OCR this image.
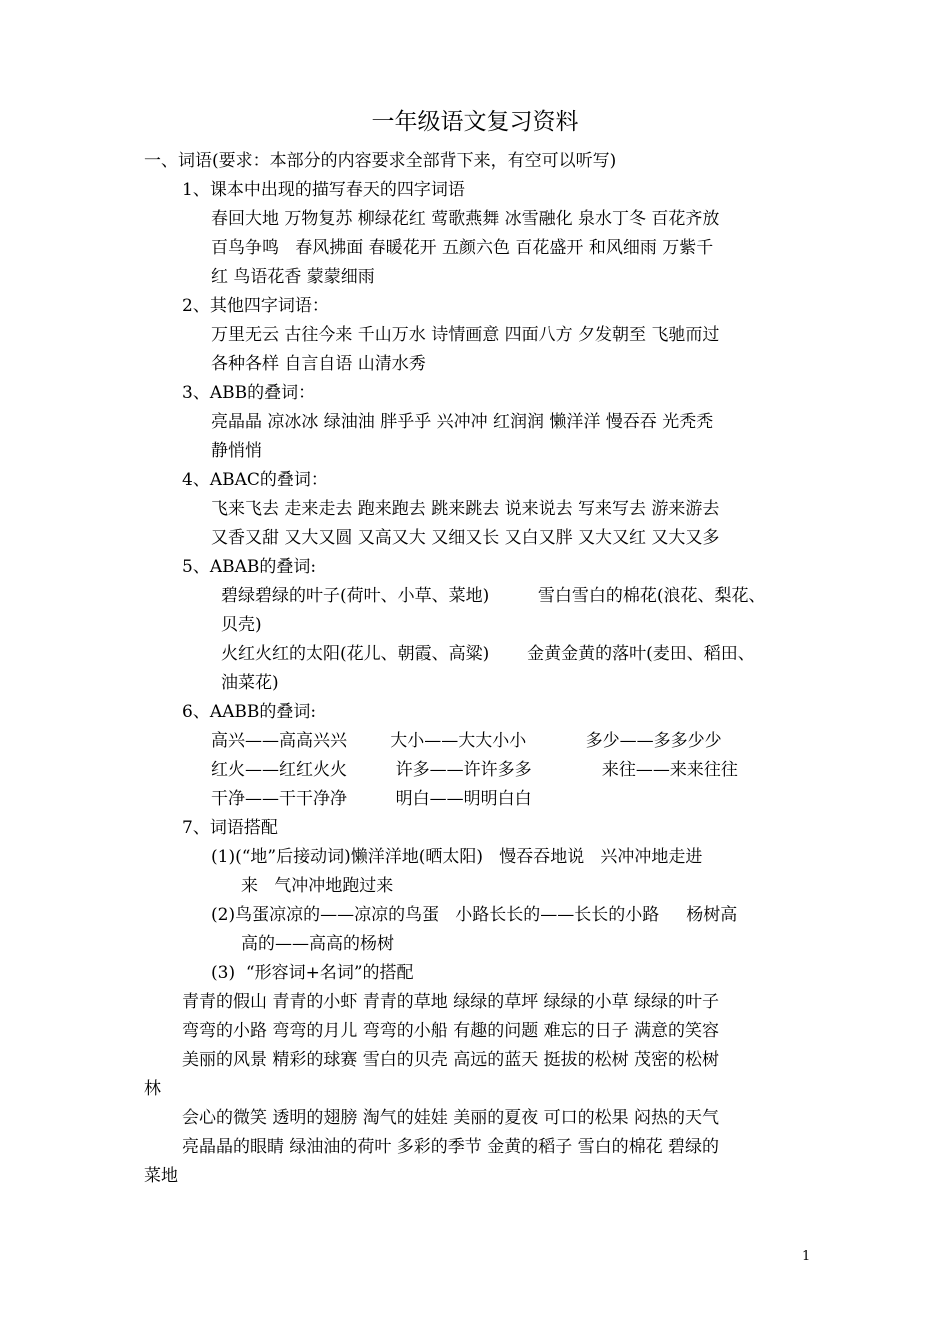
一年级语文复习资料
一、词语(要求：本部分的内容要求全部背下来，有空可以听写)
1、课本中出现的描写春天的四字词语
春回大地 万物复苏 柳绿花红 莺歌燕舞 冰雪融化 泉水丁冬 百花齐放
百鸟争鸣   春风拂面 春暖花开 五颜六色 百花盛开 和风细雨 万紫千
红 鸟语花香 蒙蒙细雨
2、其他四字词语：
万里无云 古往今来 千山万水 诗情画意 四面八方 夕发朝至 飞驰而过
各种各样 自言自语 山清水秀
3、ABB的叠词：
亮晶晶 凉冰冰 绿油油 胖乎乎 兴冲冲 红润润 懒洋洋 慢吞吞 光秃秃
静悄悄
4、ABAC的叠词：
飞来飞去 走来走去 跑来跑去 跳来跳去 说来说去 写来写去 游来游去
又香又甜 又大又圆 又高又大 又细又长 又白又胖 又大又红 又大又多
5、ABAB的叠词:
碧绿碧绿的叶子(荷叶、小草、菜地)         雪白雪白的棉花(浪花、梨花、
贝壳)
火红火红的太阳(花儿、朝霞、高粱)       金黄金黄的落叶(麦田、稻田、
油菜花)
6、AABB的叠词:
高兴——高高兴兴        大小——大大小小           多少——多多少少
红火——红红火火         许多——许许多多             来往——来来往往
干净——干干净净         明白——明明白白
7、词语搭配
(1)(“地”后接动词)懒洋洋地(晒太阳)   慢吞吞地说   兴冲冲地走进
来   气冲冲地跑过来
(2)鸟蛋凉凉的——凉凉的鸟蛋   小路长长的——长长的小路     杨树高
高的——高高的杨树
(3)  “形容词+名词”的搭配
青青的假山 青青的小虾 青青的草地 绿绿的草坪 绿绿的小草 绿绿的叶子
弯弯的小路 弯弯的月儿 弯弯的小船 有趣的问题 难忘的日子 满意的笑容
美丽的风景 精彩的球赛 雪白的贝壳 高远的蓝天 挺拔的松树 茂密的松树
林
会心的微笑 透明的翅膀 淘气的娃娃 美丽的夏夜 可口的松果 闷热的天气
亮晶晶的眼睛 绿油油的荷叶 多彩的季节 金黄的稻子 雪白的棉花 碧绿的
菜地
1
